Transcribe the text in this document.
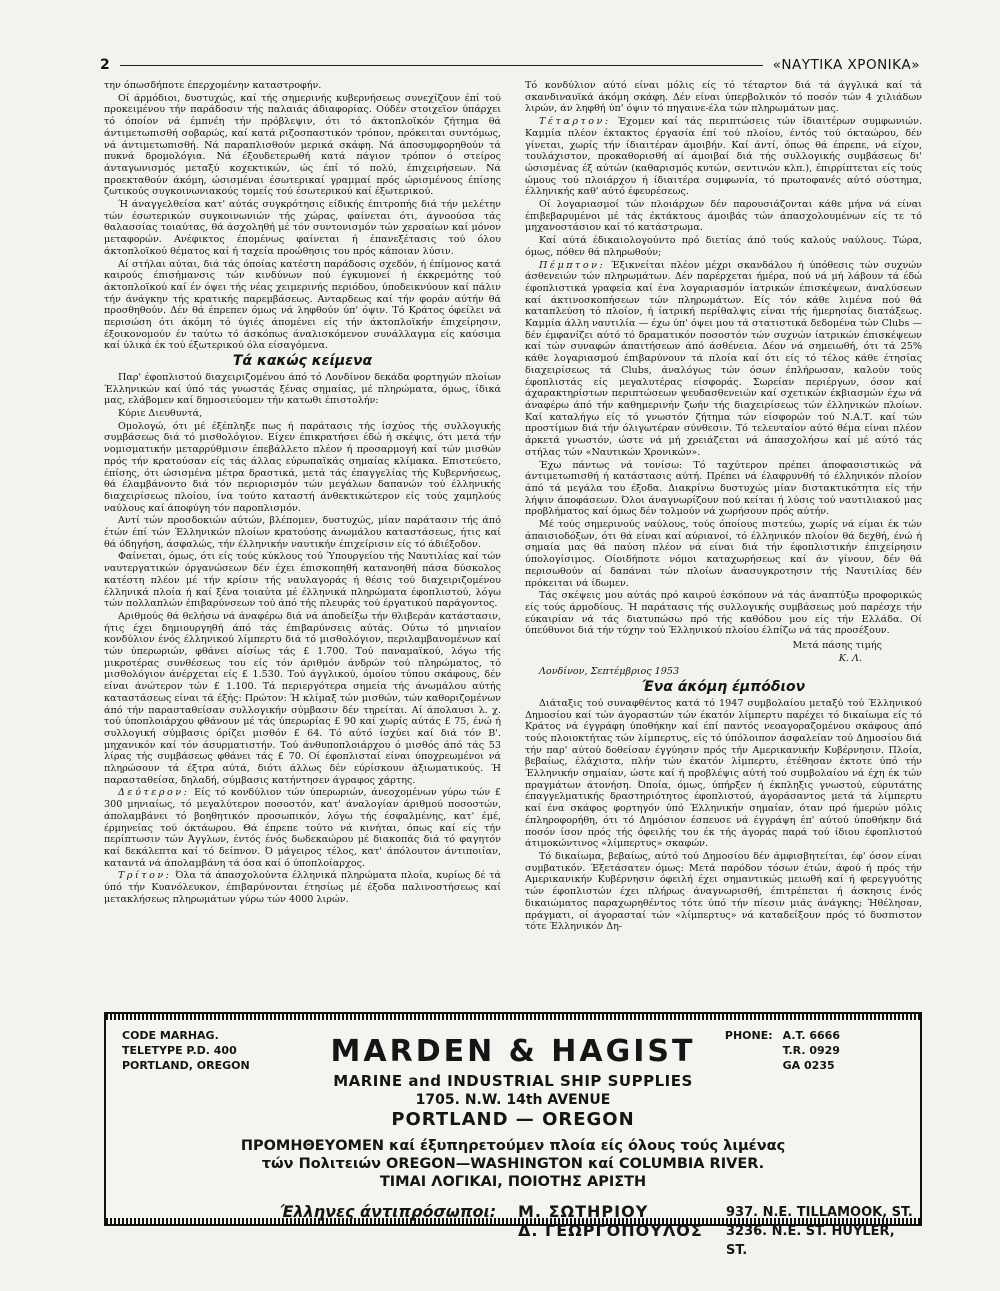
2	«ΝΑΥΤΙΚΑ ΧΡΟΝΙΚΑ»

την όπωσδήποτε έπερχομένην καταστροφήν.

Οί άρμόδιοι, δυστυχώς, καί τής σημερινής κυβερνήσεως συνεχίζουν έπί τού προκειμένου τήν παράδοσιν τής παλαιάς άδιαφορίας. Ούδέν στοιχεϊον ύπάρχει τό όποίον νά έμπνέη τήν πρόβλεψιν, ότι τό άκτοπλοϊκόν ζήτημα θά άντιμετωπισθή σοβαρώς, καί κατά ριζοσπαστικόν τρόπον, πρόκειται συντόμως, νά άντιμετωπισθή. Νά παραπλισθούν μερικά σκάφη. Νά άποσυμφορηθούν τά πυκνά δρομολόγια. Νά έξουδετερωθή κατά πάγιον τρόπον ό στείρος άνταγωνισμός μεταξύ κοχεκτικών, ώς έπί τό πολύ, έπιχειρήσεων. Νά προεκταθούν άκόμη, ώσισμέναι έσωτερικαί γραμμαί πρός ώρισμένους έπίσης ζωτικούς συγκοινωνιακούς τομείς τού έσωτερικού καί έξωτερικού.

Ή άναγγελθείσα κατ' αύτάς συγκρότησις είδικής έπιτροπής διά τήν μελέτην τών έσωτερικών συγκοινωνιών τής χώρας, φαίνεται ότι, άγνοούσα τάς θαλασσίας τοιαύτας, θά άσχοληθή μέ τόν συντονισμόν τών χερσαίων καί μόνον μεταφορών. Ανέφικτος έπομένως φαίνεται ή έπανεξέτασις τού όλου άκτοπλοϊκού θέματος καί ή ταχεία προώθησις του πρός κάποιαν λύσιν.

Αί στήλαι αύται, διά τάς όποίας κατέστη παράδοσις σχεδόν, ή έπίμονος κατά καιρούς έπισήμανσις τών κινδύνων πού έγκυμονεί ή έκκρεμότης τού άκτοπλοϊκού καί έν όψει τής νέας χειμερινής περιόδου, ύποδεικνύουν καί πάλιν τήν άνάγκην τής κρατικής παρεμβάσεως. Ανταρδεως καί τήν φοράν αύτήν θά προσθηθούν. Δέν θά έπρεπεν όμως νά ληφθούν ύπ' όψιν. Τό Κράτος όφείλει νά περισώση ότι άκόμη τό ύγιές άπομένει είς τήν άκτοπλοϊκήν έπιχείρησιν, έξοικονομούν έν ταύτω τό άσκόπως άναλισκόμενον συνάλλαγμα είς καύσιμα καί ύλικά έκ τού έξωτερικού όλα είσαγόμενα.

Τά κακώς κείμενα

Παρ' έφοπλιστού διαχειριζομένου άπό τό Λονδίνον δεκάδα φορτηγών πλοίων Έλληνικών καί ύπό τάς γνωστάς ξένας σημαίας, μέ πληρώματα, όμως, ίδικά μας, ελάβομεν καί δημοσιεύομεν τήν κατωθι έπιστολήν:

Κύριε Διευθυντά,

Ομολογώ, ότι μέ έξέπληξε πως ή παράτασις τής ίσχύος τής συλλογικής συμβάσεως διά τό μισθολόγιον. Είχεν έπικρατήσει έδώ ή σκέψις, ότι μετά τήν νομισματικήν μεταρρύθμισιν έπεβάλλετο πλέον ή προσαρμογή καί τών μισθών πρός τήν κρατούσαν είς τάς άλλας εύρωπαϊκάς σημαίας κλίμακα. Επιστεύετο, έπίσης, ότι ώσισμένα μέτρα δραστικά, μετά τάς έπαγγελίας τής Κυβερνήσεως, θά έλαμβάνοντο διά τόν περιορισμόν τών μεγάλων δαπανών τού έλληνικής διαχειρίσεως πλοίου, ίνα τούτο καταστή άνθεκτικώτερον είς τούς χαμηλούς ναύλους καί άποφύγη τόν παροπλισμόν.

Αντί τών προσδοκιών αύτών, βλέπομεν, δυστυχώς, μίαν παράτασιν τής άπό έτών έπί τών Έλληνικών πλοίων κρατούσης άνωμάλου καταστάσεως, ήτις καί θά όδηγήση, άσφαλώς, τήν έλληνικήν ναυτικήν έπιχείρισιν είς τό άδιέξοδον.

Φαίνεται, όμως, ότι είς τούς κύκλους τού Ύπουργείου τής Ναυτιλίας καί τών ναυτεργατικών όργανώσεων δέν έχει έπισκοπηθή κατανοηθή πάσα δύσκολος κατέστη πλέον μέ τήν κρίσιν τής ναυλαγοράς ή θέσις τού διαχειριζομένου έλληνικά πλοία ή καί ξένα τοιαύτα μέ έλληνικά πληρώματα έφοπλιστού, λόγω τών πολλαπλών έπιβαρύνσεων τού άπό τής πλευράς τού έργατικού παράγοντος.

Αριθμούς θά θελήσω νά άναφέρω διά νά άποδείξω τήν θλιβεράν κατάστασιν, ήτις έχει δημιουργηθή άπό τάς έπιβαρύνσεις αύτάς. Ούτω τό μηνιαίον κονδύλιον ένός έλληνικού λίμπερτυ διά τό μισθολόγιον, περιλαμβανομένων καί τών ύπερωριών, φθάνει αίσίως τάς £ 1.700. Τού παναμαϊκού, λόγω τής μικροτέρας συνθέσεως του είς τόν άριθμόν άνδρών τού πληρώματος, τό μισθολόγιον άνέρχεται είς £ 1.530. Τού άγγλικού, όμοίου τύπου σκάφους, δέν είναι άνώτερον τών £ 1.100. Τά περιεργότερα σημεία τής άνωμάλου αύτής καταστάσεως είναι τά έξής: Πρώτον: Ή κλίμαξ τών μισθών, τών καθοριζομένων άπό τήν παρασταθείσαν συλλογικήν σύμβασιν δέν τηρείται. Αί άπολαυσι λ. χ. τού ύποπλοιάρχου φθάνουν μέ τάς ύπερωρίας £ 90 καί χωρίς αύτάς £ 75, ένώ ή συλλογική σύμβασις όρίζει μισθόν £ 64. Τό αύτό ίσχύει καί διά τόν Β'. μηχανικόν καί τόν άσυρματιστήν. Τού άνθυποπλοιάρχου ό μισθός άπό τάς 53 λίρας τής συμβάσεως φθάνει τάς £ 70. Οί έφοπλισταί είναι ύποχρεωμένοι νά πληρώσουν τά έξτρα αύτά, διότι άλλως δέν εύρίσκουν άξιωματικούς. Ή παρασταθείσα, δηλαδή, σύμβασις κατήντησεν άγραφος χάρτης.

Δεύτερον: Είς τό κονδύλιον τών ύπερωριών, άνεοχομένων γύρω τών £ 300 μηνιαίως, τό μεγαλύτερον ποσοστόν, κατ' άναλογίαν άριθμού ποσοστών, άπολαμβάνει τό βοηθητικόν προσωπικόν, λόγω τής έσφαλμένης, κατ' έμέ, έρμηνείας τού όκτάωρου. Θά έπρεπε τούτο νά κινήται, όπως καί είς τήν περίπτωσιν τών Άγγλων, έντός ένός δωδεκαώρου μέ διακοπάς διά τό φαγητόν καί δεκάλεπτα καί τό δείπνον. Ό μάγειρος τέλος, κατ' άπόλουτον άντιποιίαν, καταντά νά άπολαμβάνη τά όσα καί ό ύποπλοίαρχος.

Τρίτον: Όλα τά άπασχολούντα έλληνικά πληρώματα πλοία, κυρίως δέ τά ύπό τήν Κυανόλευκον, έπιβαρύνονται έτησίως μέ έξοδα παλινοστήσεως καί μετακλήσεως πληρωμάτων γύρω τών 4000 λιρών.

Τό κονδύλιον αύτό είναι μόλις είς τό τέταρτον διά τά άγγλικά καί τά σκανδιναυϊκά άκόμη σκάφη. Δέν είναι ύπερβολικόν τό ποσόν τών 4 χιλιάδων λιρών, άν ληφθή ύπ' όψιν τό πηγαινε-έλα τών πληρωμάτων μας.

Τέταρτον: Έχομεν καί τάς περιπτώσεις τών ίδιαιτέρων συμφωνιών. Καμμία πλέον έκτακτος έργασία έπί τού πλοίου, έντός τού όκταώρου, δέν γίνεται, χωρίς τήν ίδιαιτέραν άμοιβήν. Καί άντί, όπως θά έπρεπε, νά είχον, τουλάχιστον, προκαθορισθή αί άμοιβαί διά τής συλλογικής συμβάσεως δι' ώσισμένας έξ αύτών (καθαρισμός κυτών, σεντινών κλπ.), έπιρρίπτεται είς τούς ώμους τού πλοιάρχου ή ίδιαιτέρα συμφωνία, τό πρωτοφανές αύτό σύστημα, έλληνικής καθ' αύτό έφευρέσεως.

Οί λογαριασμοί τών πλοιάρχων δέν παρουσιάζονται κάθε μήνα νά είναι έπιβεβαρυμένοι μέ τάς έκτάκτους άμοιβάς τών άπασχολουμένων είς τε τό μηχανοστάσιον καί τό κατάστρωμα.

Καί αύτά έδικαιολογούντο πρό διετίας άπό τούς καλούς ναύλους. Τώρα, όμως, πόθεν θά πληρωθούν;

Πέμπτον: Έξικνείται πλέον μέχρι σκανδάλου ή ύπόθεσις τών συχνών άσθενειών τών πληρωμάτων. Δέν παρέρχεται ήμέρα, πού νά μή λάβουν τά έδώ έφοπλιστικά γραφεία καί ένα λογαριασμόν ίατρικών έπισκέψεων, άναλύσεων καί άκτινοσκοπήσεων τών πληρωμάτων. Είς τόν κάθε λιμένα πού θά καταπλεύση τό πλοίον, ή ίατρική περίθαλψις είναι τής ήμερησίας διατάξεως. Καμμία άλλη ναυτιλία — έχω ύπ' όψει μου τά στατιστικά δεδομένα τών Clubs — δέν έμφανίζει αύτό τό δραματικόν ποσοστόν τών συχνών ίατρικών έπισκέψεων καί τών συναφών άπαιτήσεων άπό άσθένεια. Δέον νά σημειωθή, ότι τά 25% κάθε λογαριασμού έπιβαρύνουν τά πλοία καί ότι είς τό τέλος κάθε έτησίας διαχειρίσεως τά Clubs, άναλόγως τών όσων έπλήρωσαν, καλούν τούς έφοπλιστάς είς μεγαλυτέρας είσφοράς. Σωρείαν περιέργων, όσον καί άχαρακτηρίστων περιπτώσεων ψευδασθενειών καί σχετικών έκβιασμών έχω νά άναφέρω άπό τήν καθημερινήν ζωήν τής διαχειρίσεως τών έλληνικών πλοίων. Καί καταλήγω είς τό γνωστόν ζήτημα τών είσφορών τού Ν.Α.Τ. καί τών προστίμων διά τήν όλιγωτέραν σύνθεσιν. Τό τελευταίον αύτό θέμα είναι πλέον άρκετά γνωστόν, ώστε νά μή χρειάζεται νά άπασχολήσω καί μέ αύτό τάς στήλας τών «Ναυτικών Χρονικών».

Έχω πάντως νά τονίσω: Τό ταχύτερον πρέπει άποφασιστικώς νά άντιμετωπισθή ή κατάστασις αύτή. Πρέπει νά έλαφρυνθή τό έλληνικόν πλοίον άπό τά μεγάλα του έξοδα. Διακρίνω δυστυχώς μίαν διστακτικότητα είς τήν λήψιν άποφάσεων. Όλοι άναγνωρίζουν πού κείται ή λύσις τού ναυτιλιακού μας προβλήματος καί όμως δέν τολμούν νά χωρήσουν πρός αύτήν.

Μέ τούς σημερινούς ναύλους, τούς όποίους πιστεύω, χωρίς νά είμαι έκ τών άπαισιοδόξων, ότι θά είναι καί αύριανοί, τό έλληνικόν πλοίον θά δεχθή, ένώ ή σημαία μας θά παύση πλέον νά είναι διά τήν έφοπλιστικήν έπιχείρησιν ύπολογίσιμος. Οίοιδήποτε νόμοι καταχωρήσεως καί άν γίνουν, δέν θά περισωθούν αί δαπάναι τών πλοίων άνασυγκροτησιν τής Ναυτιλίας δέν πρόκειται νά ίδωμεν.

Τάς σκέψεις μου αύτάς πρό καιρού έσκόπουν νά τάς άναπτύξω προφορικώς είς τούς άρμοδίους. Ή παράτασις τής συλλογικής συμβάσεως μού παρέσχε τήν εύκαιρίαν νά τάς διατυπώσω πρό τής καθόδου μου είς τήν Ελλάδα. Οί ύπεύθυνοι διά τήν τύχην τού Έλληνικού πλοίου έλπίζω νά τάς προσέξουν.

Μετά πάσης τιμής

Κ. Λ.

Λονδίνον, Σεπτέμβριος 1953

Ένα άκόμη έμπόδιον

Διάταξις τού συναφθέντος κατά τό 1947 συμβολαίου μεταξύ τού Έλληνικού Δημοσίου καί τών άγοραστών τών έκατόν λίμπερτυ παρέχει τό δικαίωμα είς τό Κράτος νά έγγράφη ύποθήκην καί έπί παντός νεοαγοραζομένου σκάφους άπό τούς πλοιοκτήτας τών λίμπερτυς, είς τό ύπόλοιπον άσφαλείαν τού Δημοσίου διά τήν παρ' αύτού δοθείσαν έγγύησιν πρός τήν Αμερικανικήν Κυβέρνησιν. Πλοία, βεβαίως, έλάχιστα, πλήν τών έκατόν λίμπερτυ, έτέθησαν έκτοτε ύπό τήν Έλληνικήν σημαίαν, ώστε καί ή προβλέψις αύτή τού συμβολαίου νά έχη έκ τών πραγμάτων άτονήση. Όποία, όμως, ύπήρξεν ή έκπληξις γνωστού, εύρυτάτης έπαγγελματικής δραστηριότητος έφοπλιστού, άγοράσαντος μετά τά λίμπερτυ καί ένα σκάφος φορτηγόν ύπό Έλληνικήν σημαίαν, όταν πρό ήμερών μόλις έπληροφορήθη, ότι τό Δημόσιον έσπευσε νά έγγράψη έπ' αύτού ύποθήκην διά ποσόν ίσον πρός τής όφειλής του έκ τής άγοράς παρά τού ίδιου έφοπλιστού άτιμοκώντινος «λίμπερτυς» σκαφών.

Τό δικαίωμα, βεβαίως, αύτό τού Δημοσίου δέν άμφισβητείται, έφ' όσον είναι συμβατικόν. Έξετάσατεν όμως: Μετά παρόδον τόσων έτών, άφού ή πρός τήν Αμερικανικήν Κυβέρνησιν όφειλή έχει σημαντικώς μειωθή καί ή φερεγγυότης τών έφοπλιστών έχει πλήρως άναγνωρισθή, έπιτρέπεται ή άσκησις ένός δικαιώματος παραχωρηθέντος τότε ύπό τήν πίεσιν μιάς άνάγκης; Ήθέλησαν, πράγματι, οί άγορασταί τών «λίμπερτυς» νά καταδείξουν πρός τό δυσπιστον τότε Έλληνικόν Δη-

CODE MARHAG.
TELETYPE P.D. 400
PORTLAND, OREGON
PHONE: A.T. 6666
T.R. 0929
GA 0235
MARDEN & HAGIST
MARINE and INDUSTRIAL SHIP SUPPLIES
1705. N.W. 14th AVENUE
PORTLAND — OREGON
ΠΡΟΜΗΘΕΥΟΜΕΝ καί έξυπηρετούμεν πλοία είς όλους τούς λιμένας
τών Πολιτειών OREGON—WASHINGTON καί COLUMBIA RIVER.
ΤΙΜΑΙ ΛΟΓΙΚΑΙ, ΠΟΙΟΤΗΣ ΑΡΙΣΤΗ
Έλληνες άντιπρόσωποι: Μ. ΣΩΤΗΡΙΟΥ
Δ. ΓΕΩΡΓΟΠΟΥΛΟΣ
937. N.E. TILLAMOOK, ST.
3236. N.E. ST. HUYLER, ST.
